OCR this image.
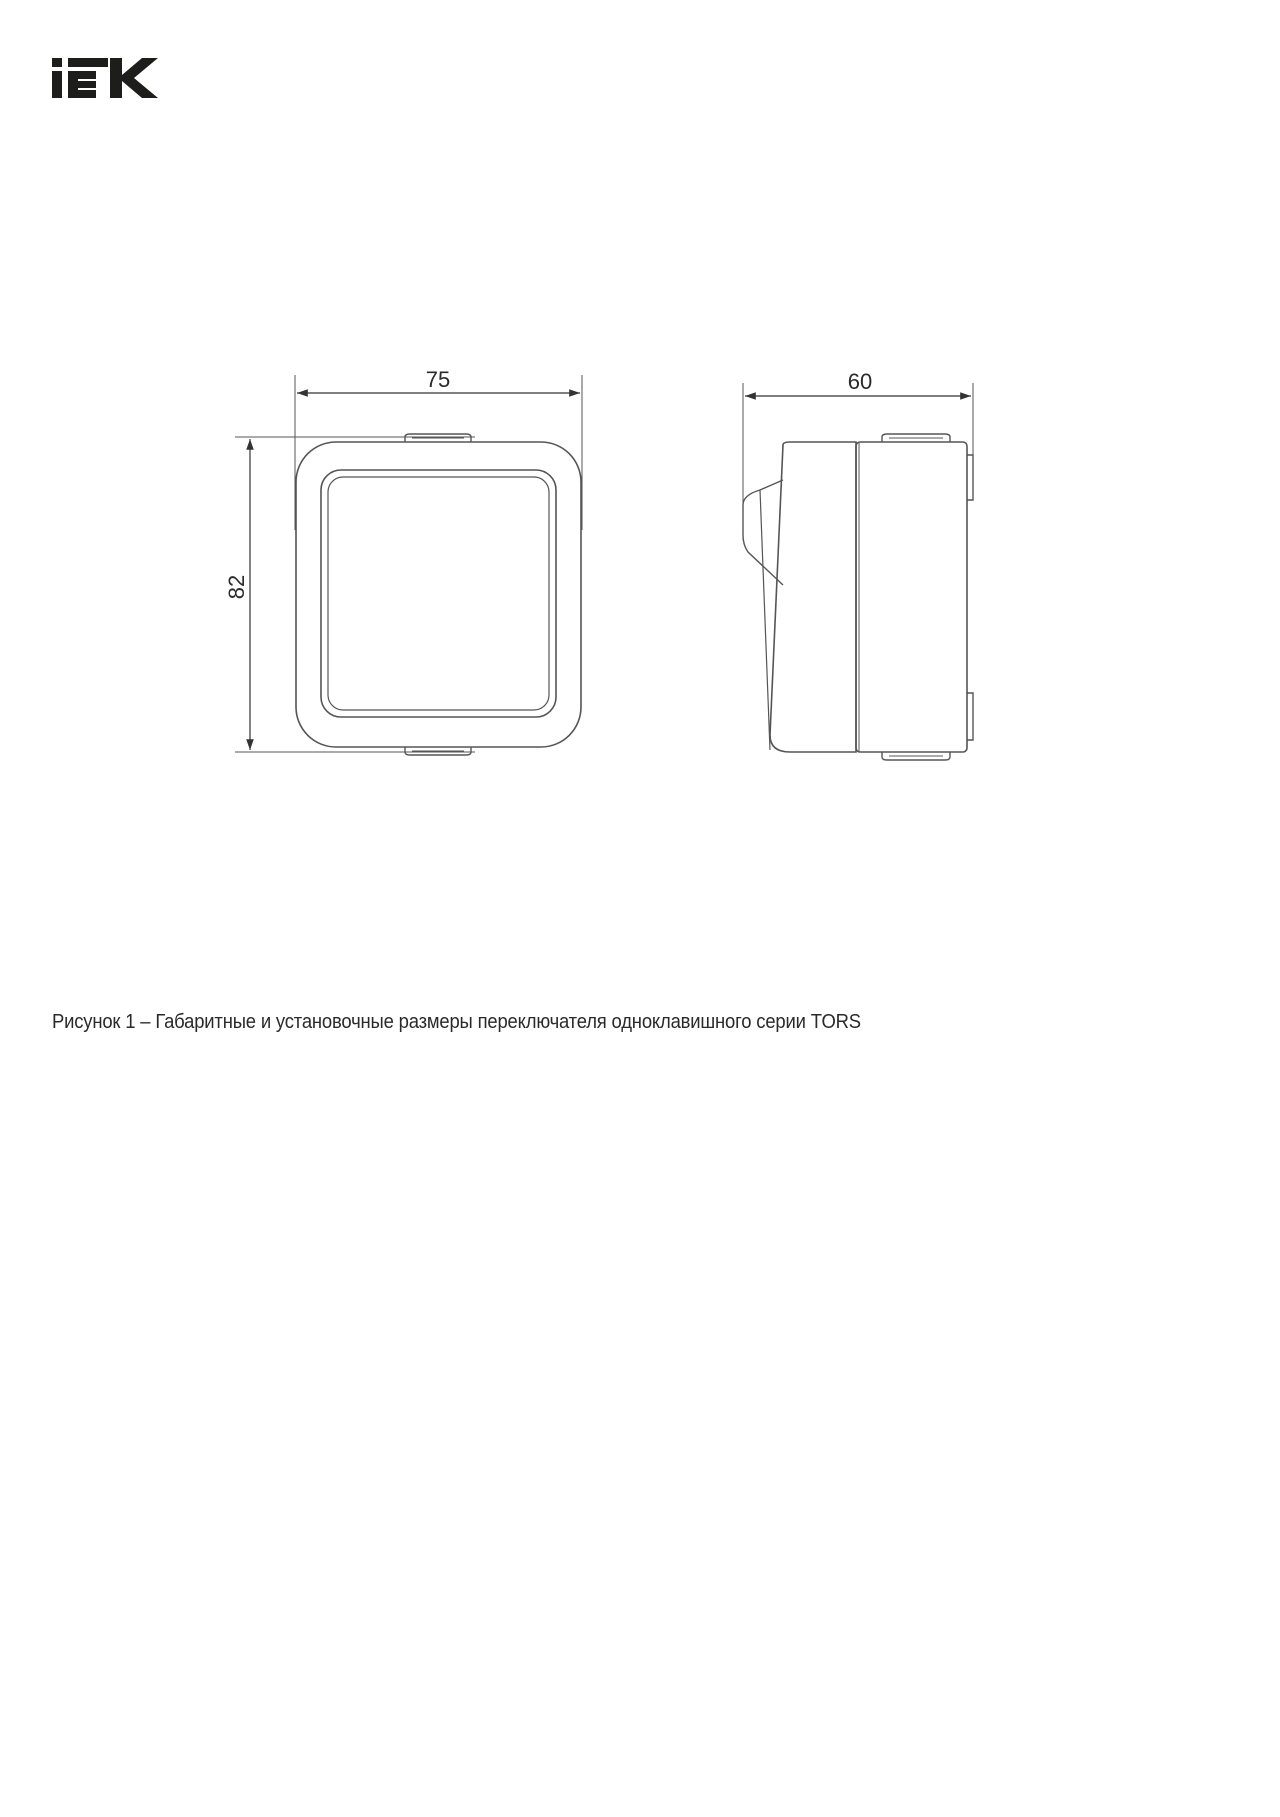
75
82
60
Рисунок 1 – Габаритные и установочные размеры переключателя одноклавишного серии TORS
